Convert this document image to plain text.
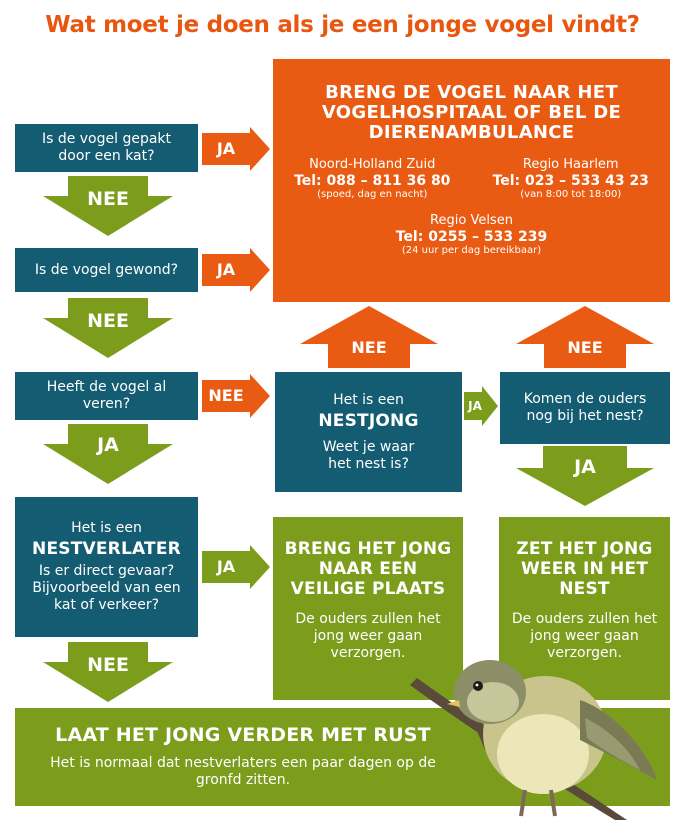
Wat moet je doen als je een jonge vogel vindt?
Is de vogel gepakt door een kat?	JA
NEE
Is de vogel gewond?	JA
NEE
Heeft de vogel al veren?	NEE
JA
Het is een
NESTVERLATER
Is er direct gevaar? Bijvoorbeeld van een kat of verkeer?
JA
NEE
BRENG DE VOGEL NAAR HET VOGELHOSPITAAL OF BEL DE DIERENAMBULANCE
Noord-Holland Zuid
Tel: 088 – 811 36 80
(spoed, dag en nacht)
Regio Haarlem
Tel: 023 – 533 43 23
(van 8:00 tot 18:00)
Regio Velsen
Tel: 0255 – 533 239
(24 uur per dag bereikbaar)
NEE	NEE
Het is een
NESTJONG
Weet je waar het nest is?
JA	Komen de ouders nog bij het nest?
JA
BRENG HET JONG NAAR EEN VEILIGE PLAATS
De ouders zullen het jong weer gaan verzorgen.
ZET HET JONG WEER IN HET NEST
De ouders zullen het jong weer gaan verzorgen.
LAAT HET JONG VERDER MET RUST
Het is normaal dat nestverlaters een paar dagen op de gronfd zitten.
